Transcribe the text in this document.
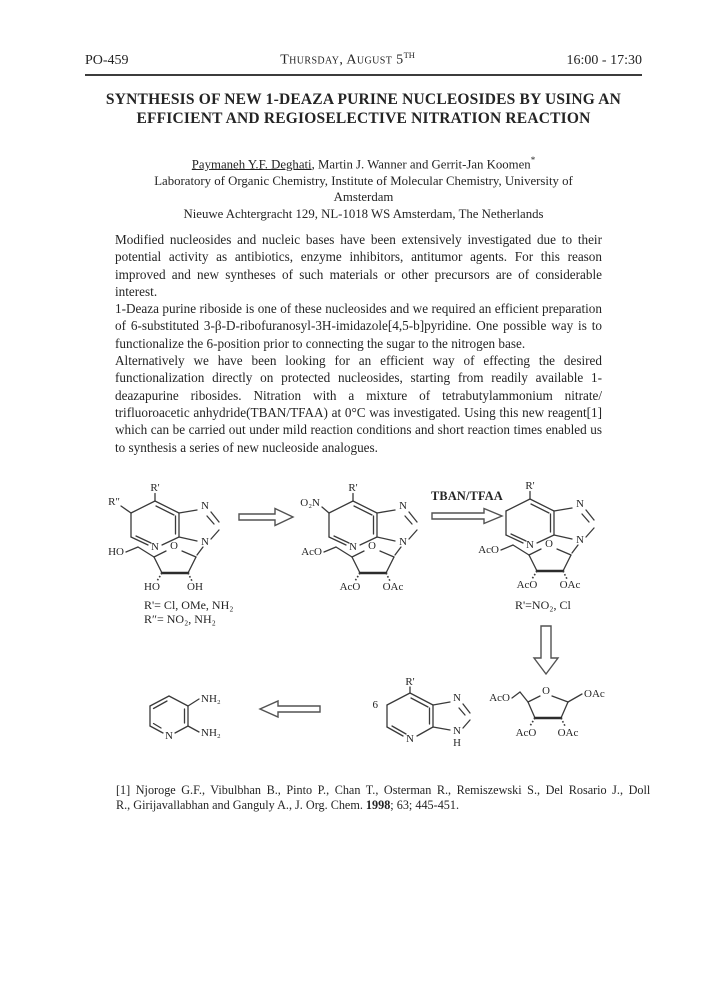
PO-459	Thursday, August 5TH	16:00 - 17:30
SYNTHESIS OF NEW 1-DEAZA PURINE NUCLEOSIDES BY USING AN
EFFICIENT AND REGIOSELECTIVE NITRATION REACTION
Paymaneh Y.F. Deghati, Martin J. Wanner and Gerrit-Jan Koomen*
Laboratory of Organic Chemistry, Institute of Molecular Chemistry, University of
Amsterdam
Nieuwe Achtergracht 129, NL-1018 WS Amsterdam, The Netherlands

Modified nucleosides and nucleic bases have been extensively investigated due to their potential activity as antibiotics, enzyme inhibitors, antitumor agents. For this reason improved and new syntheses of such materials or other precursors are of considerable interest.

1-Deaza purine riboside is one of these nucleosides and we required an efficient preparation of 6-substituted 3-β-D-ribofuranosyl-3H-imidazole[4,5-b]pyridine. One possible way is to functionalize the 6-position prior to connecting the sugar to the nitrogen base.

Alternatively we have been looking for an efficient way of effecting the desired functionalization directly on protected nucleosides, starting from readily available 1-deazapurine ribosides. Nitration with a mixture of tetrabutylammonium nitrate/ trifluoroacetic anhydride(TBAN/TFAA) at 0°C was investigated. Using this new reagent[1] which can be carried out under mild reaction conditions and short reaction times enabled us to synthesis a series of new nucleoside analogues.

R'
R″
N
N
N
O
HO
HO OH
R'= Cl, OMe, NH₂
R″= NO₂, NH₂
R'
O₂N
N
N
N
O
AcO
AcO OAc
TBAN/TFAA
R'
N
N
N
O
AcO
AcO OAc
R'=NO₂, Cl
O
AcO	OAc
AcO OAc
R'
6
N
N
N
H
N
NH₂
NH₂
[1] Njoroge G.F., Vibulbhan B., Pinto P., Chan T., Osterman R., Remiszewski S., Del Rosario J., Doll
R., Girijavallabhan and Ganguly A., J. Org. Chem. 1998; 63; 445-451.
